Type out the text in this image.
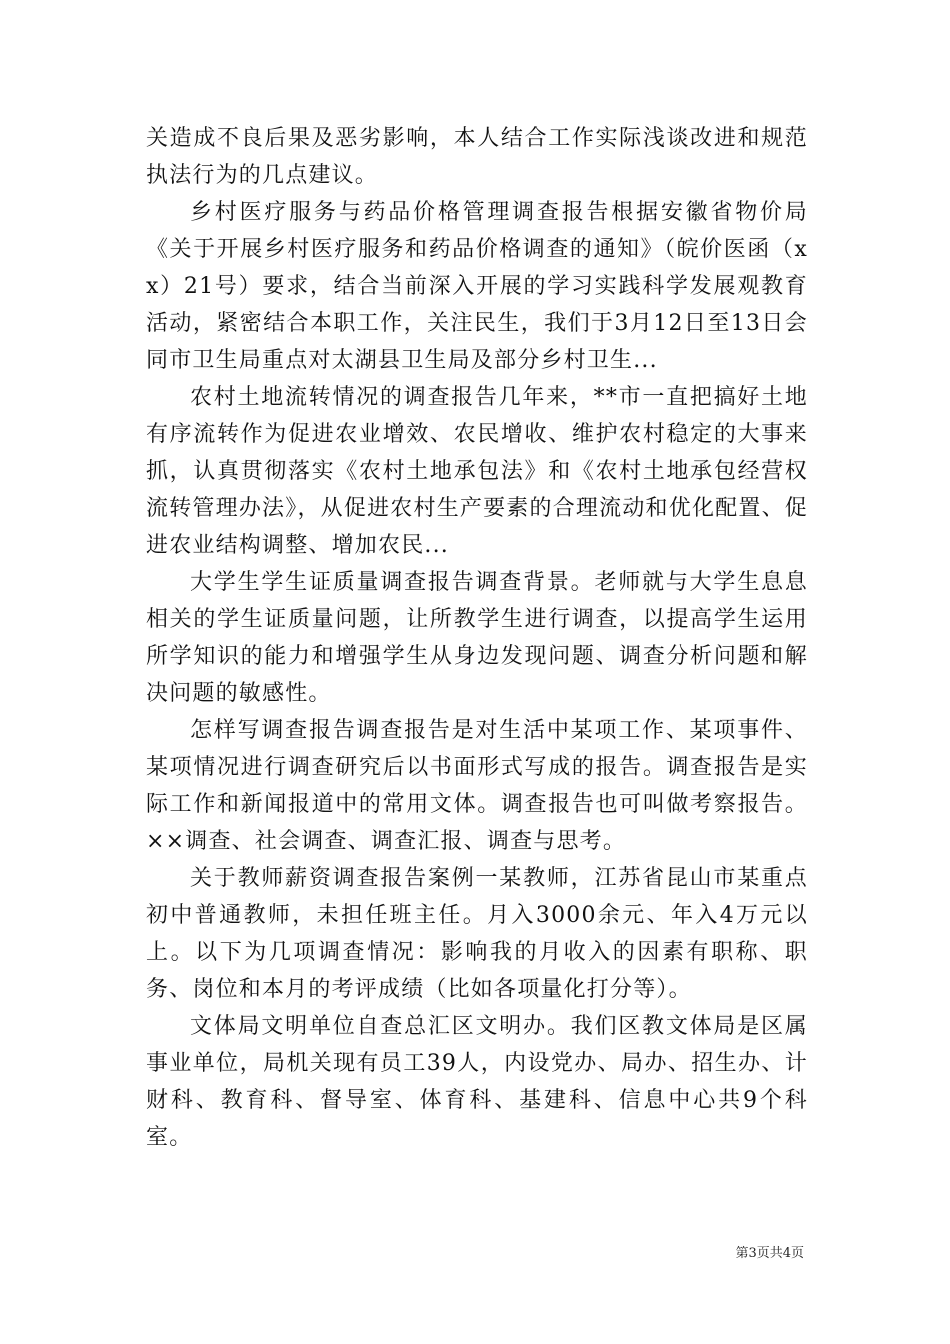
关造成不良后果及恶劣影响，本人结合工作实际浅谈改进和规范执法行为的几点建议。

乡村医疗服务与药品价格管理调查报告根据安徽省物价局《关于开展乡村医疗服务和药品价格调查的通知》（皖价医函（xx）21号）要求，结合当前深入开展的学习实践科学发展观教育活动，紧密结合本职工作，关注民生，我们于3月12日至13日会同市卫生局重点对太湖县卫生局及部分乡村卫生...

农村土地流转情况的调查报告几年来，**市一直把搞好土地有序流转作为促进农业增效、农民增收、维护农村稳定的大事来抓，认真贯彻落实《农村土地承包法》和《农村土地承包经营权流转管理办法》，从促进农村生产要素的合理流动和优化配置、促进农业结构调整、增加农民...

大学生学生证质量调查报告调查背景。老师就与大学生息息相关的学生证质量问题，让所教学生进行调查，以提高学生运用所学知识的能力和增强学生从身边发现问题、调查分析问题和解决问题的敏感性。

怎样写调查报告调查报告是对生活中某项工作、某项事件、某项情况进行调查研究后以书面形式写成的报告。调查报告是实际工作和新闻报道中的常用文体。调查报告也可叫做考察报告。××调查、社会调查、调查汇报、调查与思考。

关于教师薪资调查报告案例一某教师，江苏省昆山市某重点初中普通教师，未担任班主任。月入3000余元、年入4万元以上。以下为几项调查情况：影响我的月收入的因素有职称、职务、岗位和本月的考评成绩（比如各项量化打分等）。

文体局文明单位自查总汇区文明办。我们区教文体局是区属事业单位，局机关现有员工39人，内设党办、局办、招生办、计财科、教育科、督导室、体育科、基建科、信息中心共9个科室。

第3页共4页
